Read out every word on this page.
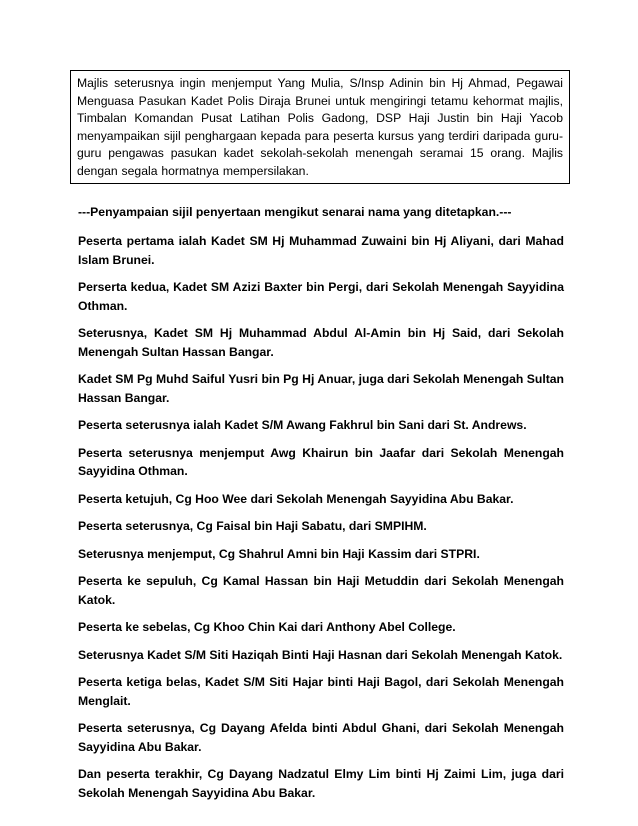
Majlis seterusnya ingin menjemput Yang Mulia, S/Insp Adinin bin Hj Ahmad, Pegawai Menguasa Pasukan Kadet Polis Diraja Brunei untuk mengiringi tetamu kehormat majlis, Timbalan Komandan Pusat Latihan Polis Gadong, DSP Haji Justin bin Haji Yacob menyampaikan sijil penghargaan kepada para peserta kursus yang terdiri daripada guru-guru pengawas pasukan kadet sekolah-sekolah menengah seramai 15 orang. Majlis dengan segala hormatnya mempersilakan.

---Penyampaian sijil penyertaan mengikut senarai nama yang ditetapkan.---

Peserta pertama ialah Kadet SM Hj Muhammad Zuwaini bin Hj Aliyani, dari Mahad Islam Brunei.

Perserta kedua, Kadet SM Azizi Baxter bin Pergi, dari Sekolah Menengah Sayyidina Othman.

Seterusnya, Kadet SM Hj Muhammad Abdul Al-Amin bin Hj Said, dari Sekolah Menengah Sultan Hassan Bangar.

Kadet SM Pg Muhd Saiful Yusri bin Pg Hj Anuar, juga dari Sekolah Menengah Sultan Hassan Bangar.

Peserta seterusnya ialah Kadet S/M Awang Fakhrul bin Sani dari St. Andrews.

Peserta seterusnya menjemput Awg Khairun bin Jaafar dari Sekolah Menengah Sayyidina Othman.

Peserta ketujuh, Cg Hoo Wee dari Sekolah Menengah Sayyidina Abu Bakar.

Peserta seterusnya, Cg Faisal bin Haji Sabatu, dari SMPIHM.

Seterusnya menjemput, Cg Shahrul Amni bin Haji Kassim dari STPRI.

Peserta ke sepuluh, Cg Kamal Hassan bin Haji Metuddin dari Sekolah Menengah Katok.

Peserta ke sebelas, Cg Khoo Chin Kai dari Anthony Abel College.

Seterusnya Kadet S/M Siti Haziqah Binti Haji Hasnan dari Sekolah Menengah Katok.

Peserta ketiga belas, Kadet S/M Siti Hajar binti Haji Bagol, dari Sekolah Menengah Menglait.

Peserta seterusnya, Cg Dayang Afelda binti Abdul Ghani, dari Sekolah Menengah Sayyidina Abu Bakar.

Dan peserta terakhir, Cg Dayang Nadzatul Elmy Lim binti Hj Zaimi Lim, juga dari Sekolah Menengah Sayyidina Abu Bakar.
